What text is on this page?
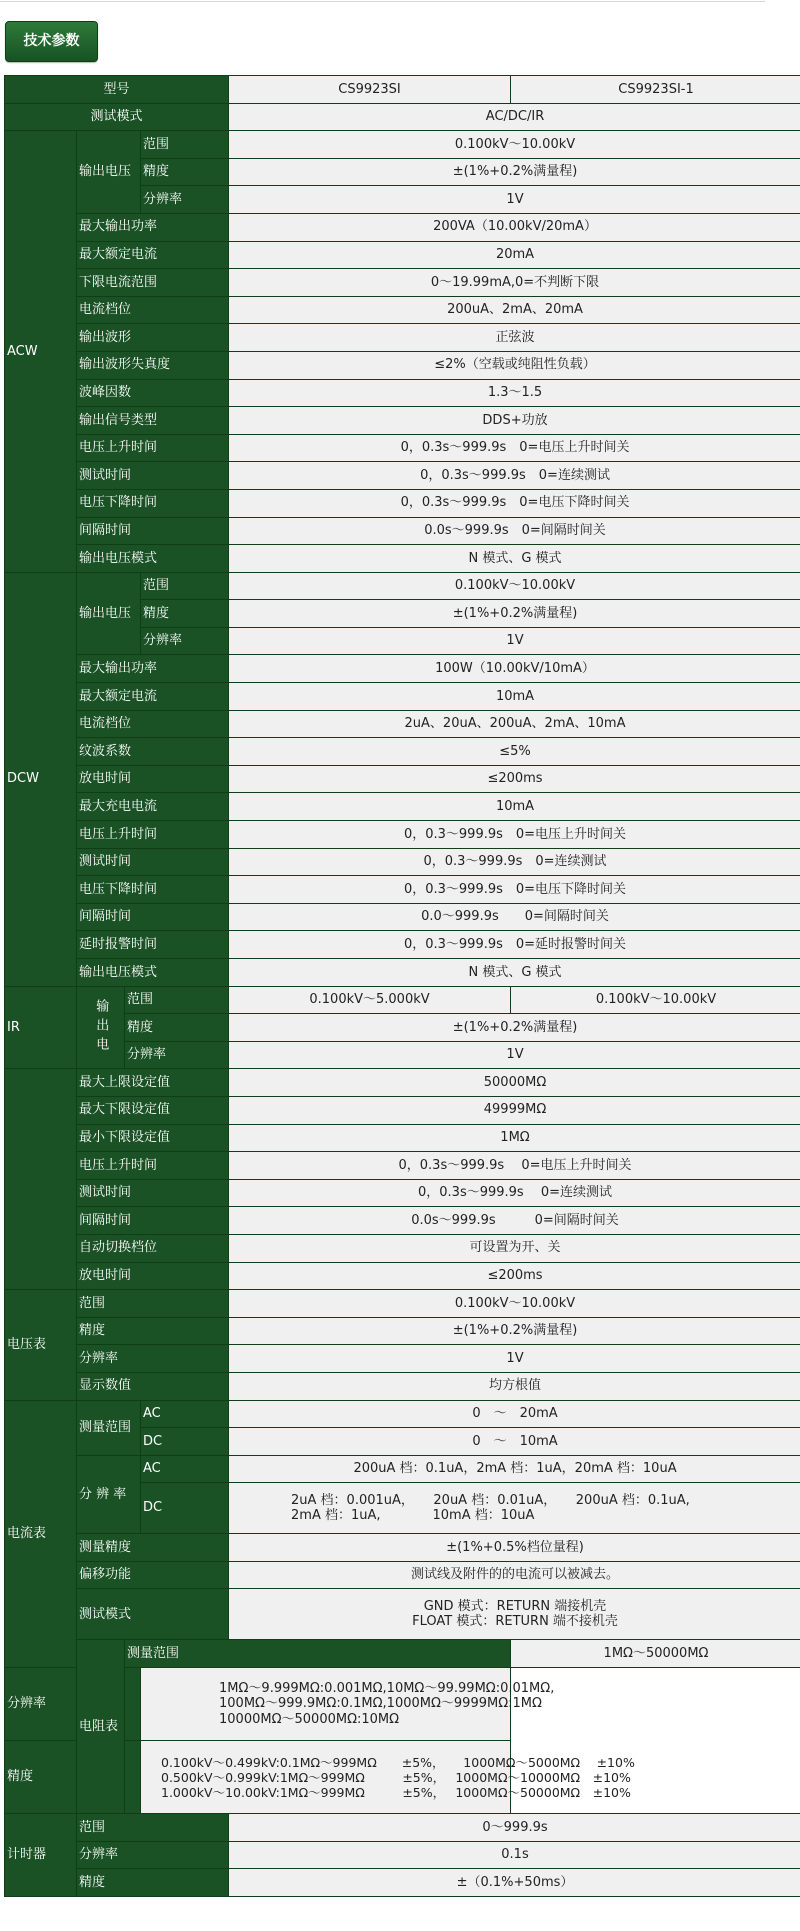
技术参数
型号				CS9923SI	CS9923SI-1
测试模式				AC/DC/IR	
ACW	输出电压		范围	0.100kV～10.00kV	
			精度	±(1%+0.2%满量程)	
			分辨率	1V	
	最大输出功率			200VA（10.00kV/20mA）	
	最大额定电流			20mA	
	下限电流范围			0～19.99mA,0=不判断下限	
	电流档位			200uA、2mA、20mA	
	输出波形			正弦波	
	输出波形失真度			≤2%（空载或纯阻性负载）	
	波峰因数			1.3～1.5	
	输出信号类型			DDS+功放	
	电压上升时间			0，0.3s～999.9s　0=电压上升时间关	
	测试时间			0，0.3s～999.9s　0=连续测试	
	电压下降时间			0，0.3s～999.9s　0=电压下降时间关	
	间隔时间			0.0s～999.9s　0=间隔时间关	
	输出电压模式			N 模式、G 模式	
DCW	输出电压		范围	0.100kV～10.00kV	
			精度	±(1%+0.2%满量程)	
			分辨率	1V	
	最大输出功率			100W（10.00kV/10mA）	
	最大额定电流			10mA	
	电流档位			2uA、20uA、200uA、2mA、10mA	
	纹波系数			≤5%	
	放电时间			≤200ms	
	最大充电电流			10mA	
	电压上升时间			0，0.3～999.9s　0=电压上升时间关	
	测试时间			0，0.3～999.9s　0=连续测试	
	电压下降时间			0，0.3～999.9s　0=电压下降时间关	
	间隔时间			0.0～999.9s　　0=间隔时间关	
	延时报警时间			0，0.3～999.9s　0=延时报警时间关	
	输出电压模式			N 模式、G 模式	
IR	输出电	范围		0.100kV～5.000kV	0.100kV～10.00kV
		精度		±(1%+0.2%满量程)	
		分辨率		1V	
	最大上限设定值			50000MΩ	
	最大下限设定值			49999MΩ	
	最小下限设定值			1MΩ	
	电压上升时间			0，0.3s～999.9s　 0=电压上升时间关	
	测试时间			0，0.3s～999.9s　 0=连续测试	
	间隔时间			0.0s～999.9s　　　0=间隔时间关	
	自动切换档位			可设置为开、关	
	放电时间			≤200ms	
电压表	范围			0.100kV～10.00kV	
	精度			±(1%+0.2%满量程)	
	分辨率			1V	
	显示数值			均方根值	
电流表	测量范围		AC	0　～　20mA	
			DC	0　～　10mA	
	分 辨 率		AC	200uA 档：0.1uA，2mA 档：1uA，20mA 档：10uA	
			DC	2uA 档：0.001uA，　　20uA 档：0.01uA，　　200uA 档：0.1uA,
2mA 档：1uA,　　　　10mA 档：10uA	

	测量精度			±(1%+0.5%档位量程)	
	偏移功能			测试线及附件的的电流可以被减去。	
	测试模式			GND 模式：RETURN 端接机壳
FLOAT 模式：RETURN 端不接机壳	

	电阻表	测量范围			1MΩ～50000MΩ
分辨率			1MΩ～9.999MΩ:0.001MΩ,10MΩ～99.99MΩ:0.01MΩ,
100MΩ～999.9MΩ:0.1MΩ,1000MΩ～9999MΩ:1MΩ
10000MΩ～50000MΩ:10MΩ		

精度			0.100kV～0.499kV:0.1MΩ～999MΩ　　±5%，　　1000MΩ～5000MΩ　 ±10%
0.500kV～0.999kV:1MΩ～999MΩ　　　±5%，　 1000MΩ～10000MΩ　±10%
1.000kV～10.00kV:1MΩ～999MΩ　　　±5%，　 1000MΩ～50000MΩ　±10%		

计时器	范围			0～999.9s	
	分辨率			0.1s	
	精度			±（0.1%+50ms）	
